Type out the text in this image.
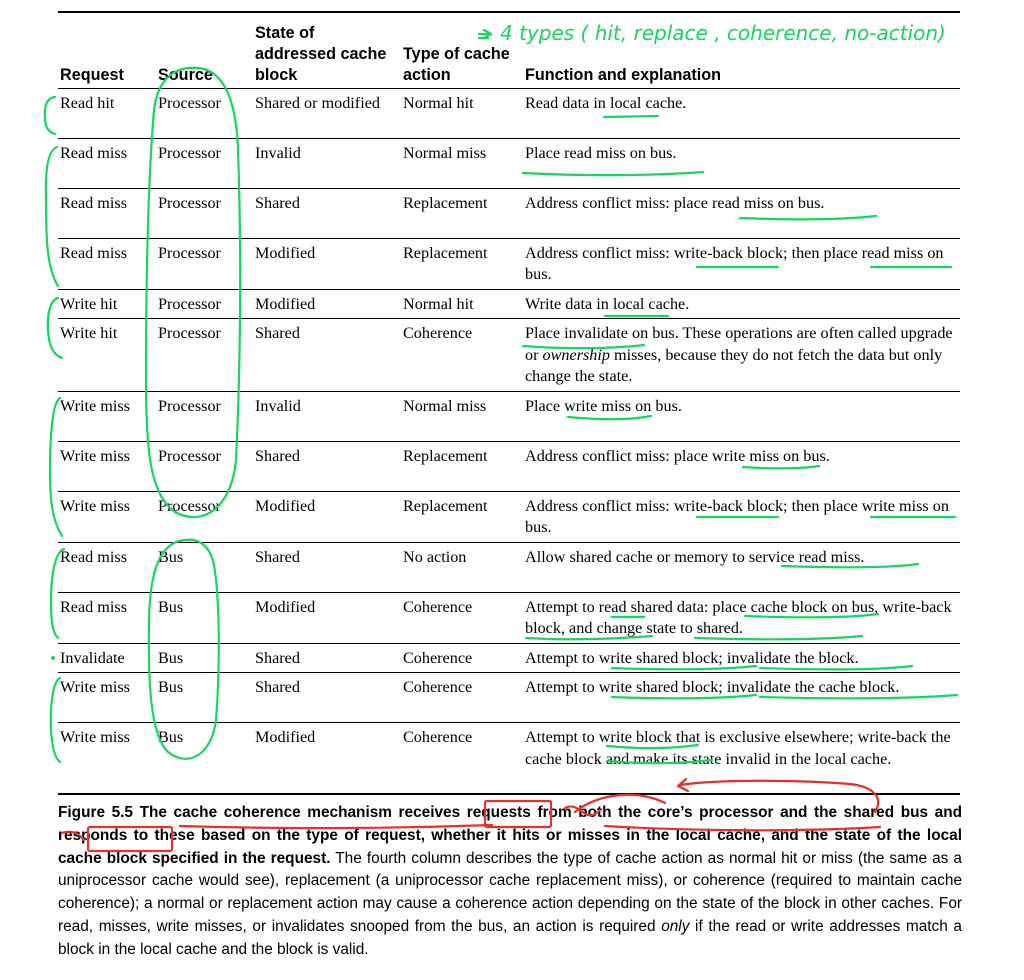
Request	Source	State of addressed cache block	Type of cache action	Function and explanation
Read hit	Processor	Shared or modified	Normal hit	Read data in local cache.
Read miss	Processor	Invalid	Normal miss	Place read miss on bus.
Read miss	Processor	Shared	Replacement	Address conflict miss: place read miss on bus.
Read miss	Processor	Modified	Replacement	Address conflict miss: write-back block; then place read miss on bus.
Write hit	Processor	Modified	Normal hit	Write data in local cache.
Write hit	Processor	Shared	Coherence	Place invalidate on bus. These operations are often called upgrade or ownership misses, because they do not fetch the data but only change the state.
Write miss	Processor	Invalid	Normal miss	Place write miss on bus.
Write miss	Processor	Shared	Replacement	Address conflict miss: place write miss on bus.
Write miss	Processor	Modified	Replacement	Address conflict miss: write-back block; then place write miss on bus.
Read miss	Bus	Shared	No action	Allow shared cache or memory to service read miss.
Read miss	Bus	Modified	Coherence	Attempt to read shared data: place cache block on bus, write-back block, and change state to shared.
Invalidate	Bus	Shared	Coherence	Attempt to write shared block; invalidate the block.
Write miss	Bus	Shared	Coherence	Attempt to write shared block; invalidate the cache block.
Write miss	Bus	Modified	Coherence	Attempt to write block that is exclusive elsewhere; write-back the cache block and make its state invalid in the local cache.
Figure 5.5 The cache coherence mechanism receives requests from both the core’s processor and the shared bus and responds to these based on the type of request, whether it hits or misses in the local cache, and the state of the local cache block specified in the request. The fourth column describes the type of cache action as normal hit or miss (the same as a uniprocessor cache would see), replacement (a uniprocessor cache replacement miss), or coherence (required to maintain cache coherence); a normal or replacement action may cause a coherence action depending on the state of the block in other caches. For read, misses, write misses, or invalidates snooped from the bus, an action is required only if the read or write addresses match a block in the local cache and the block is valid.
4 types ( hit, replace , coherence, no-action)
